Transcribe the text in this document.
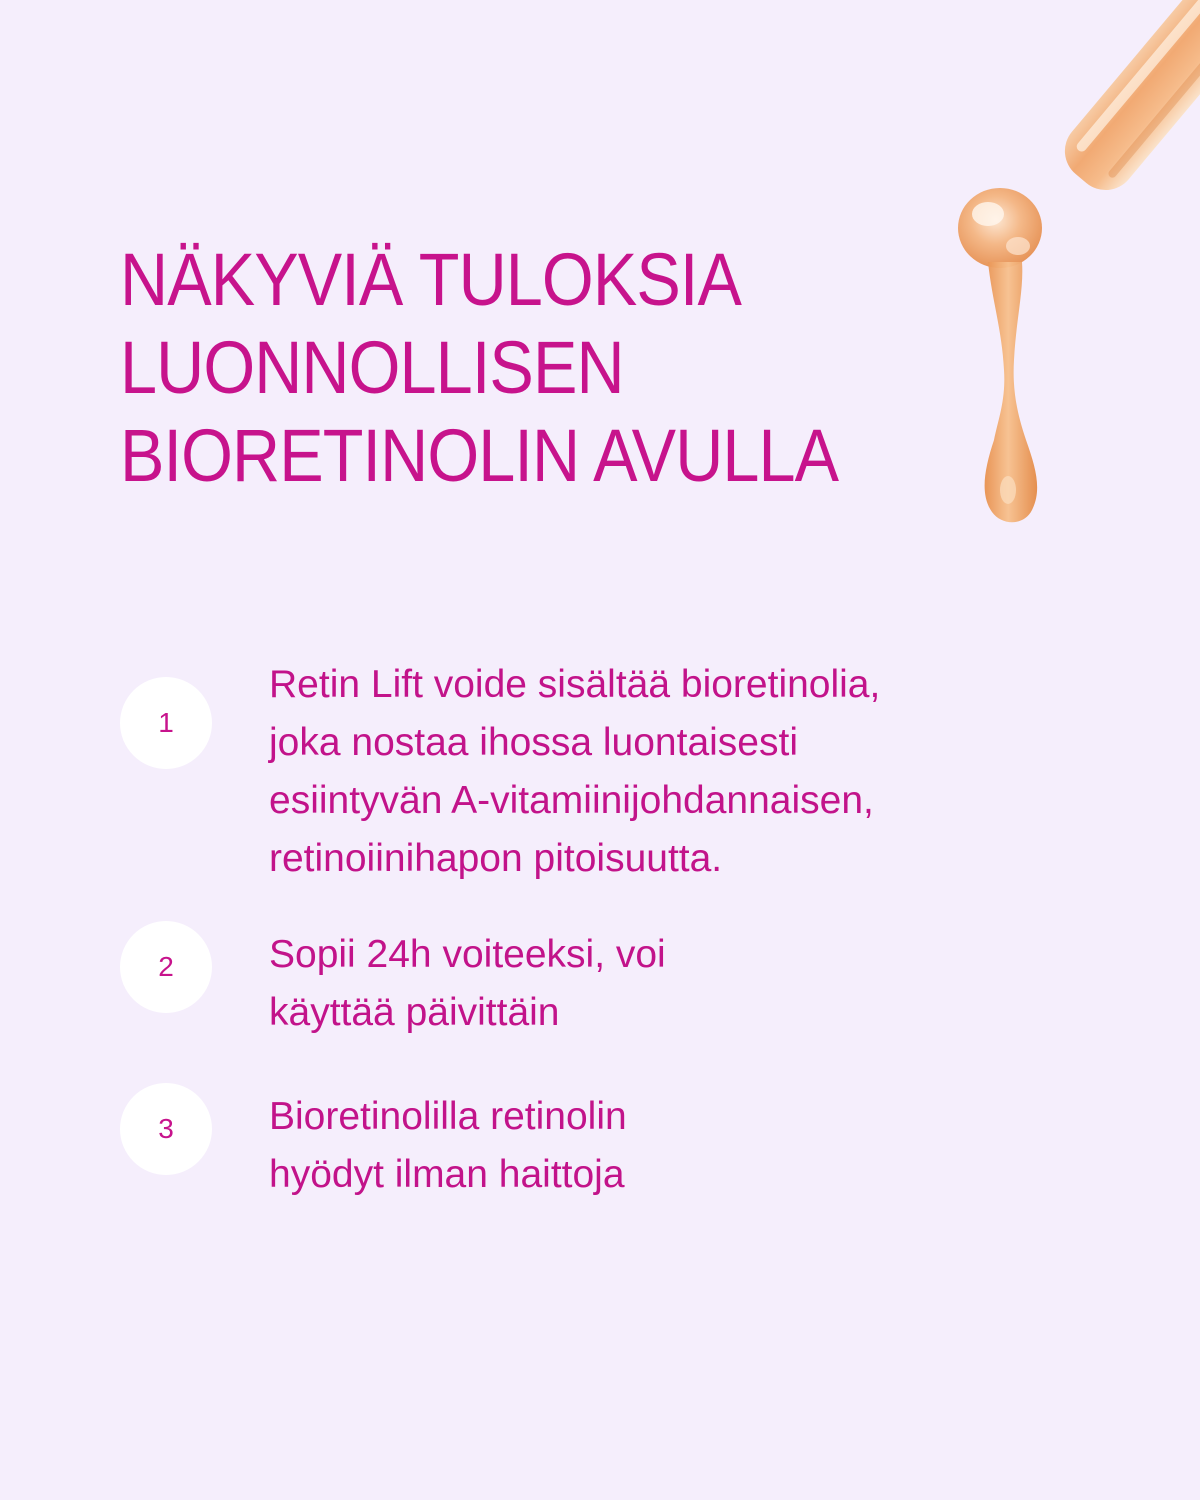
NÄKYVIÄ TULOKSIA
LUONNOLLISEN
BIORETINOLIN AVULLA
1

Retin Lift voide sisältää bioretinolia,
joka nostaa ihossa luontaisesti
esiintyvän A-vitamiinijohdannaisen,
retinoiinihapon pitoisuutta.

2	Sopii 24h voiteeksi, voi
käyttää päivittäin

3	Bioretinolilla retinolin
hyödyt ilman haittoja
